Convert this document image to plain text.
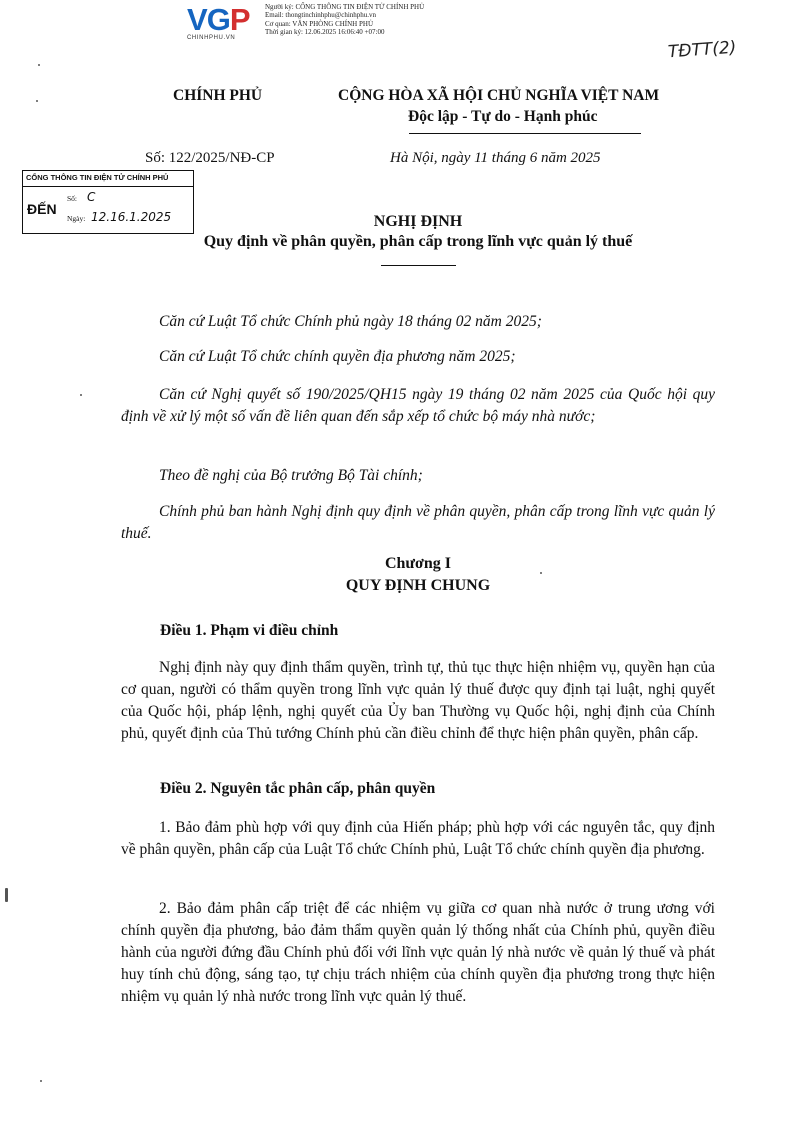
VGP
CHINHPHU.VN
Người ký: CỔNG THÔNG TIN ĐIỆN TỬ CHÍNH PHỦ
Email: thongtinchinhphu@chinhphu.vn
Cơ quan: VĂN PHÒNG CHÍNH PHỦ
Thời gian ký: 12.06.2025 16:06:40 +07:00
TĐTT(2)
CHÍNH PHỦ	CỘNG HÒA XÃ HỘI CHỦ NGHĨA VIỆT NAM
Độc lập - Tự do - Hạnh phúc
Số: 122/2025/NĐ-CP	Hà Nội, ngày 11 tháng 6 năm 2025
CỔNG THÔNG TIN ĐIỆN TỬ CHÍNH PHỦ
ĐẾN
Số: C
Ngày: 12.16.1.2025	NGHỊ ĐỊNH
Quy định về phân quyền, phân cấp trong lĩnh vực quản lý thuế
Căn cứ Luật Tổ chức Chính phủ ngày 18 tháng 02 năm 2025;
Căn cứ Luật Tổ chức chính quyền địa phương năm 2025;
Căn cứ Nghị quyết số 190/2025/QH15 ngày 19 tháng 02 năm 2025 của Quốc hội quy định về xử lý một số vấn đề liên quan đến sắp xếp tổ chức bộ máy nhà nước;
Theo đề nghị của Bộ trưởng Bộ Tài chính;
Chính phủ ban hành Nghị định quy định về phân quyền, phân cấp trong lĩnh vực quản lý thuế.
Chương I
QUY ĐỊNH CHUNG
Điều 1. Phạm vi điều chỉnh
Nghị định này quy định thẩm quyền, trình tự, thủ tục thực hiện nhiệm vụ, quyền hạn của cơ quan, người có thẩm quyền trong lĩnh vực quản lý thuế được quy định tại luật, nghị quyết của Quốc hội, pháp lệnh, nghị quyết của Ủy ban Thường vụ Quốc hội, nghị định của Chính phủ, quyết định của Thủ tướng Chính phủ cần điều chỉnh để thực hiện phân quyền, phân cấp.
Điều 2. Nguyên tắc phân cấp, phân quyền
1. Bảo đảm phù hợp với quy định của Hiến pháp; phù hợp với các nguyên tắc, quy định về phân quyền, phân cấp của Luật Tổ chức Chính phủ, Luật Tổ chức chính quyền địa phương.
2. Bảo đảm phân cấp triệt để các nhiệm vụ giữa cơ quan nhà nước ở trung ương với chính quyền địa phương, bảo đảm thẩm quyền quản lý thống nhất của Chính phủ, quyền điều hành của người đứng đầu Chính phủ đối với lĩnh vực quản lý nhà nước về quản lý thuế và phát huy tính chủ động, sáng tạo, tự chịu trách nhiệm của chính quyền địa phương trong thực hiện nhiệm vụ quản lý nhà nước trong lĩnh vực quản lý thuế.
